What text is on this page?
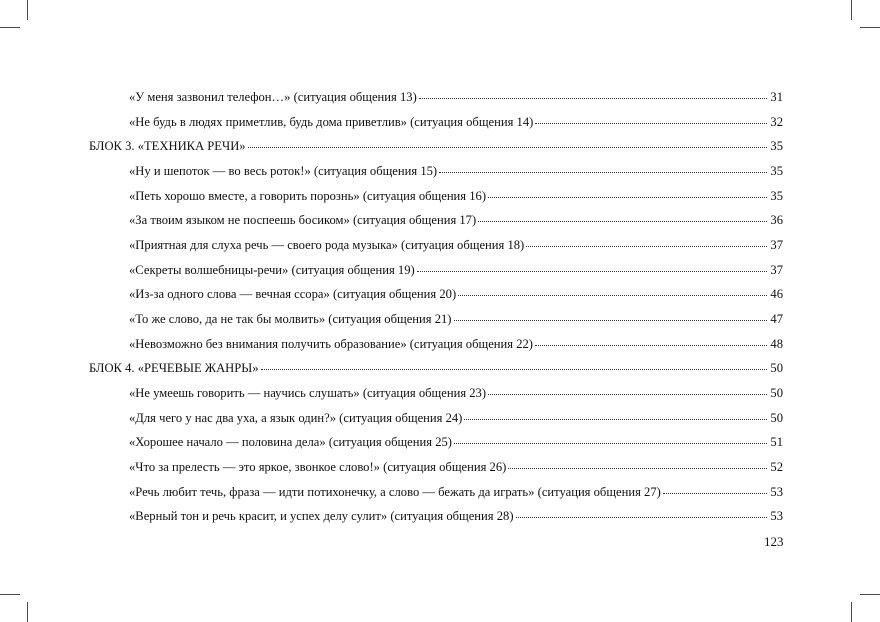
«У меня зазвонил телефон…» (ситуация общения 13)	31
«Не будь в людях приметлив, будь дома приветлив» (ситуация общения 14)	32
БЛОК 3. «ТЕХНИКА РЕЧИ»	35
«Ну и шепоток — во весь роток!» (ситуация общения 15)	35
«Петь хорошо вместе, а говорить порознь» (ситуация общения 16)	35
«За твоим языком не поспеешь босиком» (ситуация общения 17)	36
«Приятная для слуха речь — своего рода музыка» (ситуация общения 18)	37
«Секреты волшебницы-речи» (ситуация общения 19)	37
«Из-за одного слова — вечная ссора» (ситуация общения 20)	46
«То же слово, да не так бы молвить» (ситуация общения 21)	47
«Невозможно без внимания получить образование» (ситуация общения 22)	48
БЛОК 4. «РЕЧЕВЫЕ ЖАНРЫ»	50
«Не умеешь говорить — научись слушать» (ситуация общения 23)	50
«Для чего у нас два уха, а язык один?» (ситуация общения 24)	50
«Хорошее начало — половина дела» (ситуация общения 25)	51
«Что за прелесть — это яркое, звонкое слово!» (ситуация общения 26)	52
«Речь любит течь, фраза — идти потихонечку, а слово — бежать да играть» (ситуация общения 27)	53
«Верный тон и речь красит, и успех делу сулит» (ситуация общения 28)	53
123
